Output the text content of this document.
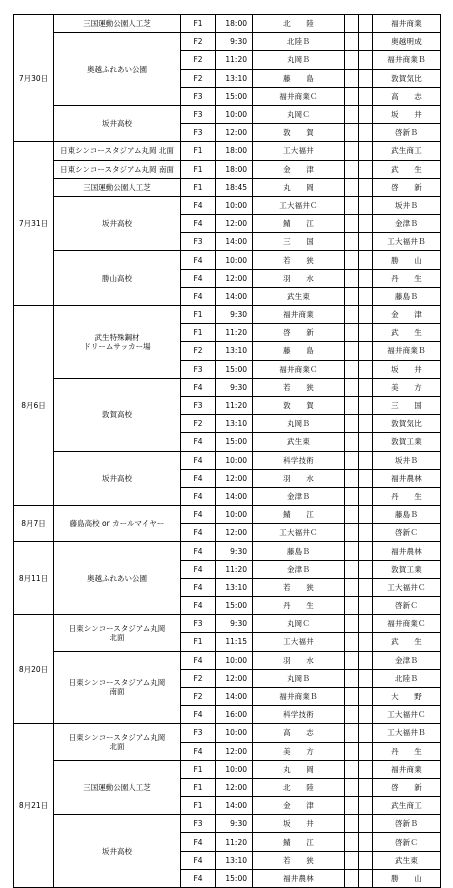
7月30日	三国運動公園人工芝	F1	18:00	北　　陸			福井商業
	奥越ふれあい公園	F2	9:30	北陸Ｂ			奥越明成
		F2	11:20	丸岡Ｂ			福井商業Ｂ
		F2	13:10	藤　　島			敦賀気比
		F3	15:00	福井商業Ｃ			高　　志
	坂井高校	F3	10:00	丸岡Ｃ			坂　　井
		F3	12:00	敦　　賀			啓新Ｂ
7月31日	日東シンコースタジアム丸岡 北面	F1	18:00	工大福井			武生商工
	日東シンコースタジアム丸岡 南面	F1	18:00	金　　津			武　　生
	三国運動公園人工芝	F1	18:45	丸　　岡			啓　　新
	坂井高校	F4	10:00	工大福井Ｃ			坂井Ｂ
		F4	12:00	鯖　　江			金津Ｂ
		F3	14:00	三　　国			工大福井Ｂ
	勝山高校	F4	10:00	若　　狭			勝　　山
		F4	12:00	羽　　水			丹　　生
		F4	14:00	武生東			藤島Ｂ
8月6日	武生特殊鋼材
ドリームサッカー場	F1	9:30	福井商業			金　　津
		F1	11:20	啓　　新			武　　生
		F2	13:10	藤　　島			福井商業Ｂ
		F3	15:00	福井商業Ｃ			坂　　井
	敦賀高校	F4	9:30	若　　狭			美　　方
		F3	11:20	敦　　賀			三　　国
		F2	13:10	丸岡Ｂ			敦賀気比
		F4	15:00	武生東			敦賀工業
	坂井高校	F4	10:00	科学技術			坂井Ｂ
		F4	12:00	羽　　水			福井農林
		F4	14:00	金津Ｂ			丹　　生
8月7日	藤島高校 or カールマイヤー	F4	10:00	鯖　　江			藤島Ｂ
		F4	12:00	工大福井Ｃ			啓新Ｃ
8月11日	奥越ふれあい公園	F4	9:30	藤島Ｂ			福井農林
		F4	11:20	金津Ｂ			敦賀工業
		F4	13:10	若　　狭			工大福井Ｃ
		F4	15:00	丹　　生			啓新Ｃ
8月20日	日東シンコースタジアム丸岡
北面	F3	9:30	丸岡Ｃ			福井商業Ｃ
		F1	11:15	工大福井			武　　生
	日東シンコースタジアム丸岡
南面	F4	10:00	羽　　水			金津Ｂ
		F2	12:00	丸岡Ｂ			北陸Ｂ
		F2	14:00	福井商業Ｂ			大　　野
		F4	16:00	科学技術			工大福井Ｃ
8月21日	日東シンコースタジアム丸岡
北面	F3	10:00	高　　志			工大福井Ｂ
		F4	12:00	美　　方			丹　　生
	三国運動公園人工芝	F1	10:00	丸　　岡			福井商業
		F1	12:00	北　　陸			啓　　新
		F1	14:00	金　　津			武生商工
	坂井高校	F3	9:30	坂　　井			啓新Ｂ
		F4	11:20	鯖　　江			啓新Ｃ
		F4	13:10	若　　狭			武生東
		F4	15:00	福井農林			勝　　山
